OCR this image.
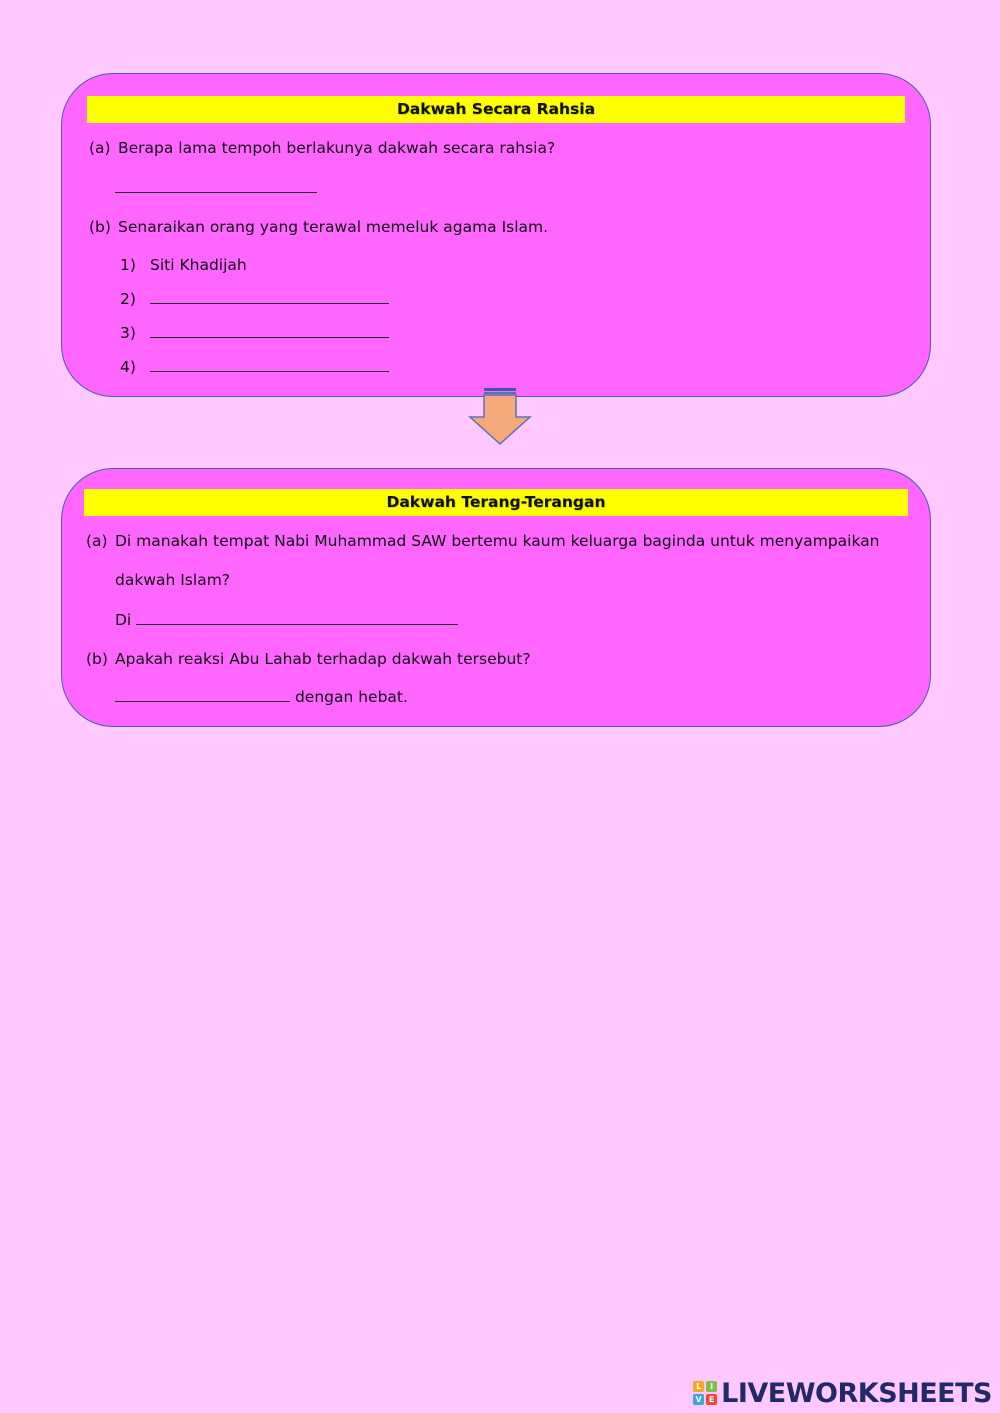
Dakwah Secara Rahsia
(a) Berapa lama tempoh berlakunya dakwah secara rahsia?
(b) Senaraikan orang yang terawal memeluk agama Islam.
1) Siti Khadijah
2)
3)
4)
Dakwah Terang-Terangan
(a) Di manakah tempat Nabi Muhammad SAW bertemu kaum keluarga baginda untuk menyampaikan
dakwah Islam?
Di
(b) Apakah reaksi Abu Lahab terhadap dakwah tersebut?
dengan hebat.
L	I
V E LIVEWORKSHEETS
